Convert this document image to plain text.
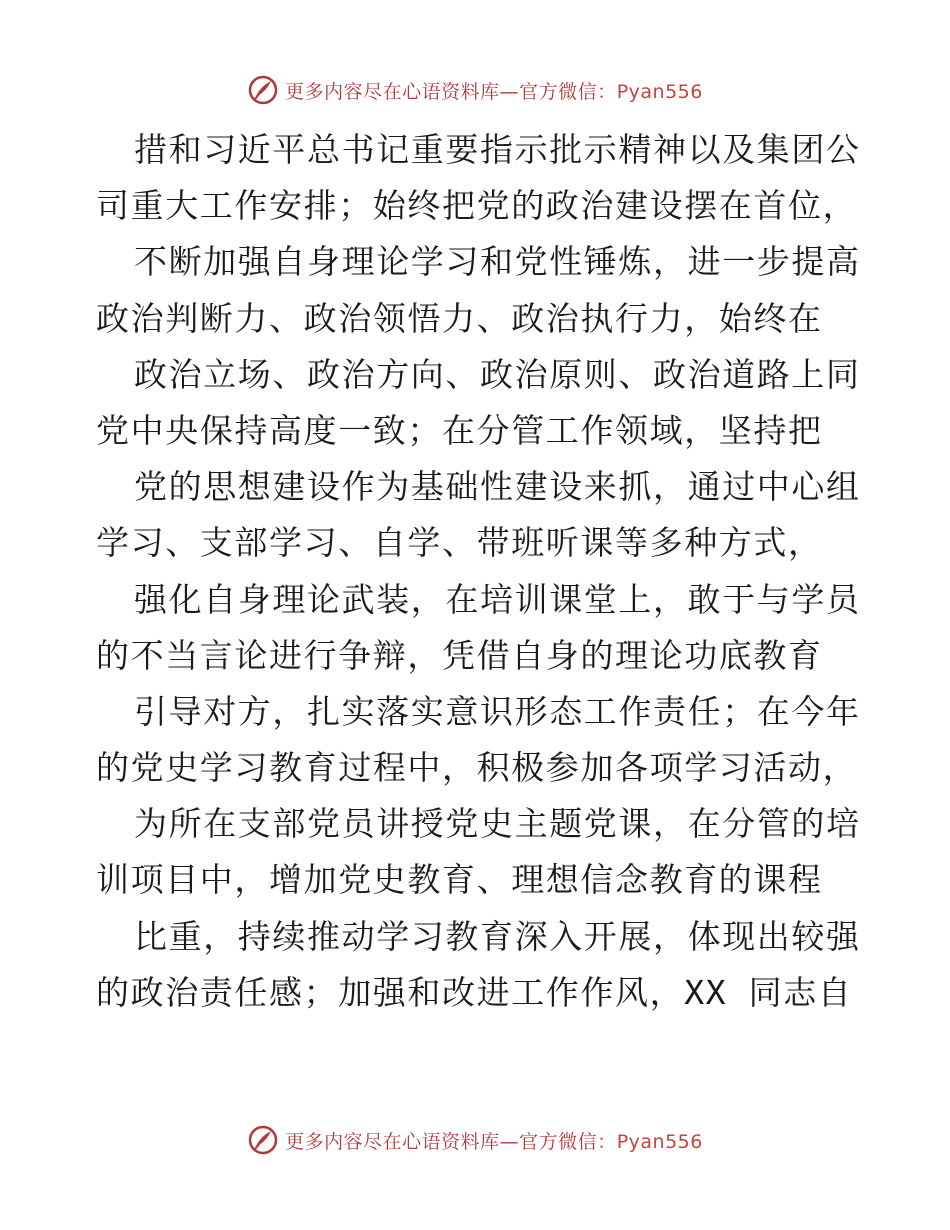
更多内容尽在心语资料库—官方微信：Pyan556
措和习近平总书记重要指示批示精神以及集团公
司重大工作安排；始终把党的政治建设摆在首位，
不断加强自身理论学习和党性锤炼，进一步提高
政治判断力、政治领悟力、政治执行力，始终在
政治立场、政治方向、政治原则、政治道路上同
党中央保持高度一致；在分管工作领域，坚持把
党的思想建设作为基础性建设来抓，通过中心组
学习、支部学习、自学、带班听课等多种方式，
强化自身理论武装，在培训课堂上，敢于与学员
的不当言论进行争辩，凭借自身的理论功底教育
引导对方，扎实落实意识形态工作责任；在今年
的党史学习教育过程中，积极参加各项学习活动，
为所在支部党员讲授党史主题党课，在分管的培
训项目中，增加党史教育、理想信念教育的课程
比重，持续推动学习教育深入开展，体现出较强
的政治责任感；加强和改进工作作风，XX 同志自
更多内容尽在心语资料库—官方微信：Pyan556
